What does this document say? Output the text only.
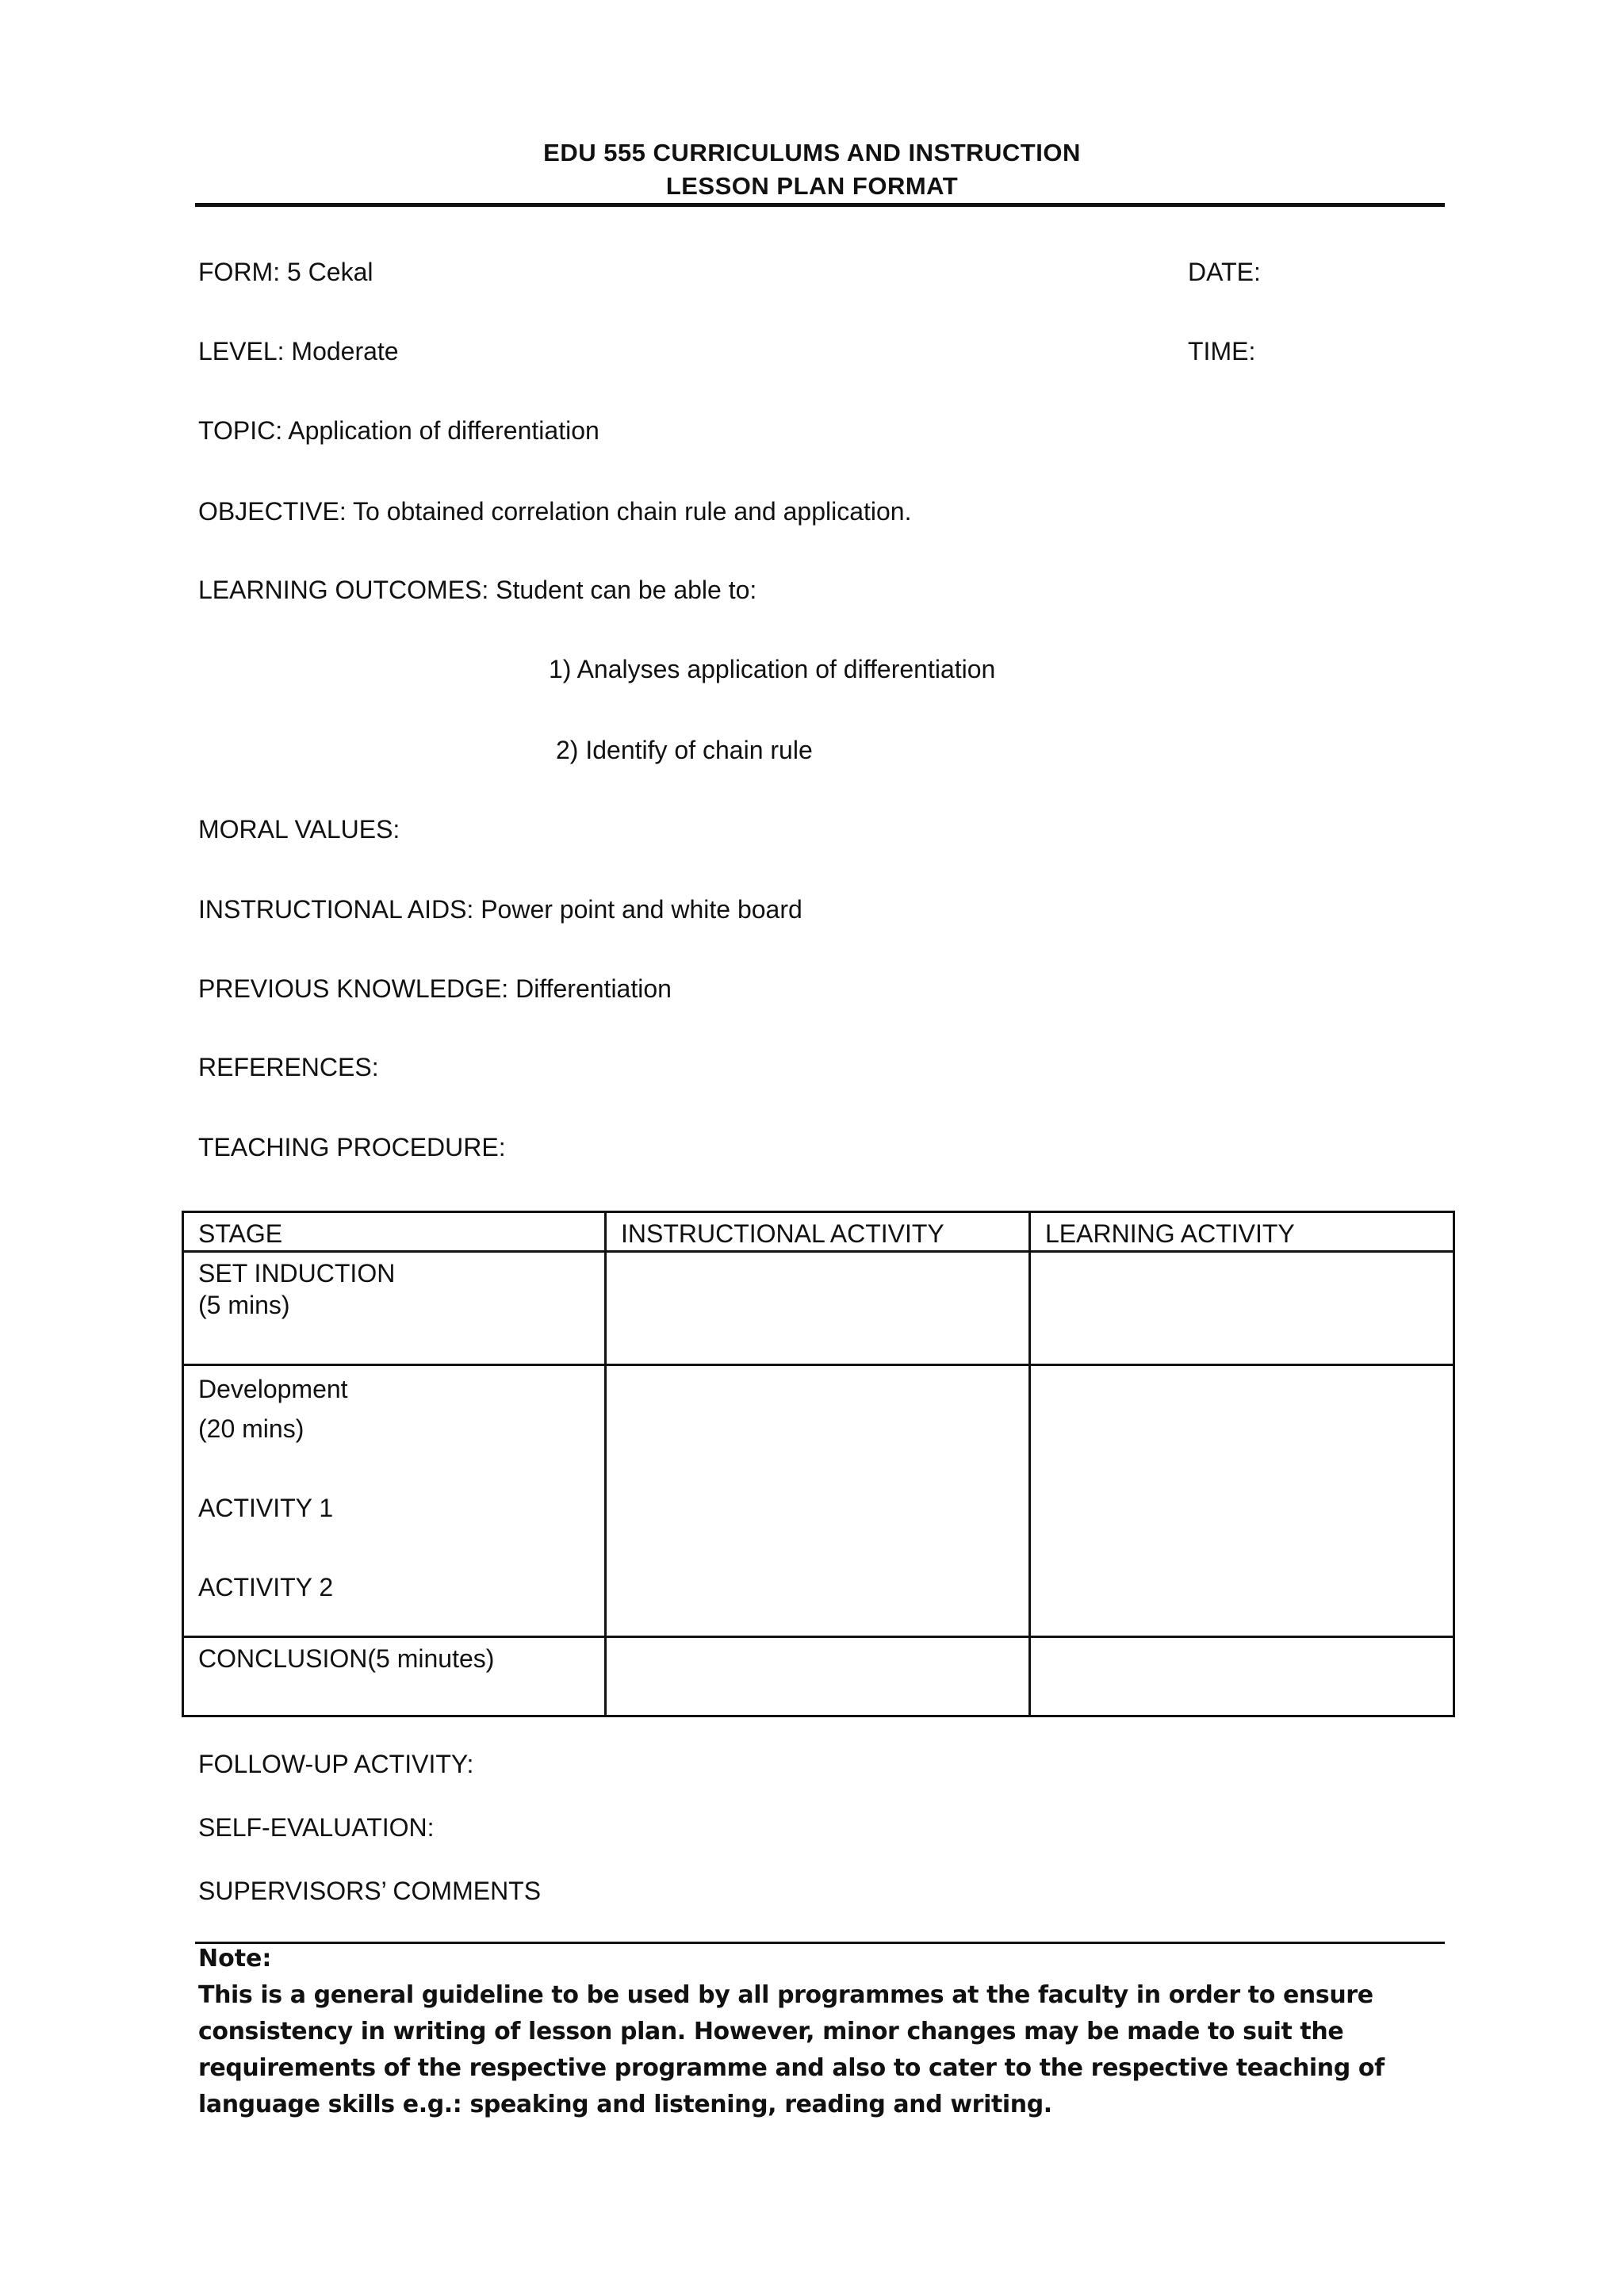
EDU 555 CURRICULUMS AND INSTRUCTION
LESSON PLAN FORMAT
FORM: 5 Cekal	DATE:
LEVEL: Moderate	TIME:
TOPIC: Application of differentiation
OBJECTIVE: To obtained correlation chain rule and application.
LEARNING OUTCOMES: Student can be able to:
1) Analyses application of differentiation
2) Identify of chain rule
MORAL VALUES:
INSTRUCTIONAL AIDS: Power point and white board
PREVIOUS KNOWLEDGE: Differentiation
REFERENCES:
TEACHING PROCEDURE:
STAGE	INSTRUCTIONAL ACTIVITY	LEARNING ACTIVITY
SET INDUCTION
(5 mins)		
Development
(20 mins)

ACTIVITY 1

ACTIVITY 2		
CONCLUSION(5 minutes)		
FOLLOW-UP ACTIVITY:
SELF-EVALUATION:
SUPERVISORS’ COMMENTS
Note:
This is a general guideline to be used by all programmes at the faculty in order to ensure consistency in writing of lesson plan. However, minor changes may be made to suit the requirements of the respective programme and also to cater to the respective teaching of language skills e.g.: speaking and listening, reading and writing.
